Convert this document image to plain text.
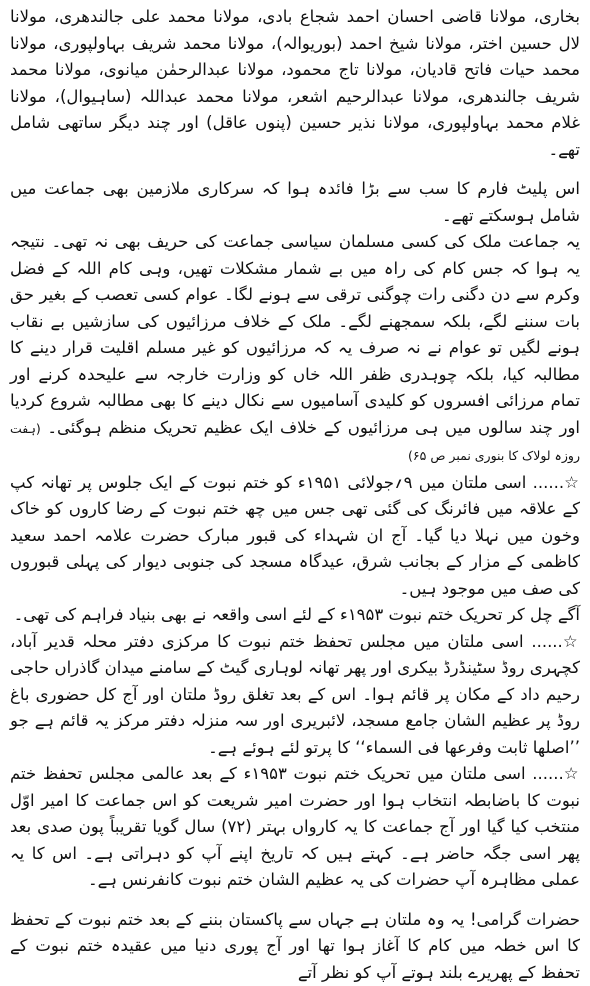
بخاری، مولانا قاضی احسان احمد شجاع بادی، مولانا محمد علی جالندھری، مولانا لال حسین اختر، مولانا شیخ احمد (بوریوالہ)، مولانا محمد شریف بہاولپوری، مولانا محمد حیات فاتح قادیان، مولانا تاج محمود، مولانا عبدالرحمٰن میانوی، مولانا محمد شریف جالندھری، مولانا عبدالرحیم اشعر، مولانا محمد عبداللہ (ساہیوال)، مولانا غلام محمد بہاولپوری، مولانا نذیر حسین (پنوں عاقل) اور چند دیگر ساتھی شامل تھے۔

اس پلیٹ فارم کا سب سے بڑا فائدہ ہوا کہ سرکاری ملازمین بھی جماعت میں شامل ہوسکتے تھے۔

یہ جماعت ملک کی کسی مسلمان سیاسی جماعت کی حریف بھی نہ تھی۔ نتیجہ یہ ہوا کہ جس کام کی راہ میں بے شمار مشکلات تھیں، وہی کام اللہ کے فضل وکرم سے دن دگنی رات چوگنی ترقی سے ہونے لگا۔ عوام کسی تعصب کے بغیر حق بات سننے لگے، بلکہ سمجھنے لگے۔ ملک کے خلاف مرزائیوں کی سازشیں بے نقاب ہونے لگیں تو عوام نے نہ صرف یہ کہ مرزائیوں کو غیر مسلم اقلیت قرار دینے کا مطالبہ کیا، بلکہ چوہدری ظفر اللہ خاں کو وزارت خارجہ سے علیحدہ کرنے اور تمام مرزائی افسروں کو کلیدی آسامیوں سے نکال دینے کا بھی مطالبہ شروع کردیا اور چند سالوں میں ہی مرزائیوں کے خلاف ایک عظیم تحریک منظم ہوگئی۔ (ہفت روزہ لولاک کا بنوری نمبر ص ۶۵)

☆...... اسی ملتان میں ۹؍جولائی ۱۹۵۱ء کو ختم نبوت کے ایک جلوس پر تھانہ کپ کے علاقہ میں فائرنگ کی گئی تھی جس میں چھ ختم نبوت کے رضا کاروں کو خاک وخون میں نہلا دیا گیا۔ آج ان شہداء کی قبور مبارک حضرت علامہ احمد سعید کاظمی کے مزار کے بجانب شرق، عیدگاہ مسجد کی جنوبی دیوار کی پہلی قبوروں کی صف میں موجود ہیں۔

آگے چل کر تحریک ختم نبوت ۱۹۵۳ء کے لئے اسی واقعہ نے بھی بنیاد فراہم کی تھی۔

☆...... اسی ملتان میں مجلس تحفظ ختم نبوت کا مرکزی دفتر محلہ قدیر آباد، کچہری روڈ سٹینڈرڈ بیکری اور پھر تھانہ لوہاری گیٹ کے سامنے میدان گاذراں حاجی رحیم داد کے مکان پر قائم ہوا۔ اس کے بعد تغلق روڈ ملتان اور آج کل حضوری باغ روڈ پر عظیم الشان جامع مسجد، لائبریری اور سہ منزلہ دفتر مرکز یہ قائم ہے جو ’’اصلھا ثابت وفرعھا فی السماء‘‘ کا پرتو لئے ہوئے ہے۔

☆...... اسی ملتان میں تحریک ختم نبوت ۱۹۵۳ء کے بعد عالمی مجلس تحفظ ختم نبوت کا باضابطہ انتخاب ہوا اور حضرت امیر شریعت کو اس جماعت کا امیر اوّل منتخب کیا گیا اور آج جماعت کا یہ کارواں بہتر (۷۲) سال گویا تقریباً پون صدی بعد پھر اسی جگہ حاضر ہے۔ کہتے ہیں کہ تاریخ اپنے آپ کو دہراتی ہے۔ اس کا یہ عملی مظاہرہ آپ حضرات کی یہ عظیم الشان ختم نبوت کانفرنس ہے۔

حضرات گرامی! یہ وہ ملتان ہے جہاں سے پاکستان بننے کے بعد ختم نبوت کے تحفظ کا اس خطہ میں کام کا آغاز ہوا تھا اور آج پوری دنیا میں عقیدہ ختم نبوت کے تحفظ کے پھریرے بلند ہوتے آپ کو نظر آتے
